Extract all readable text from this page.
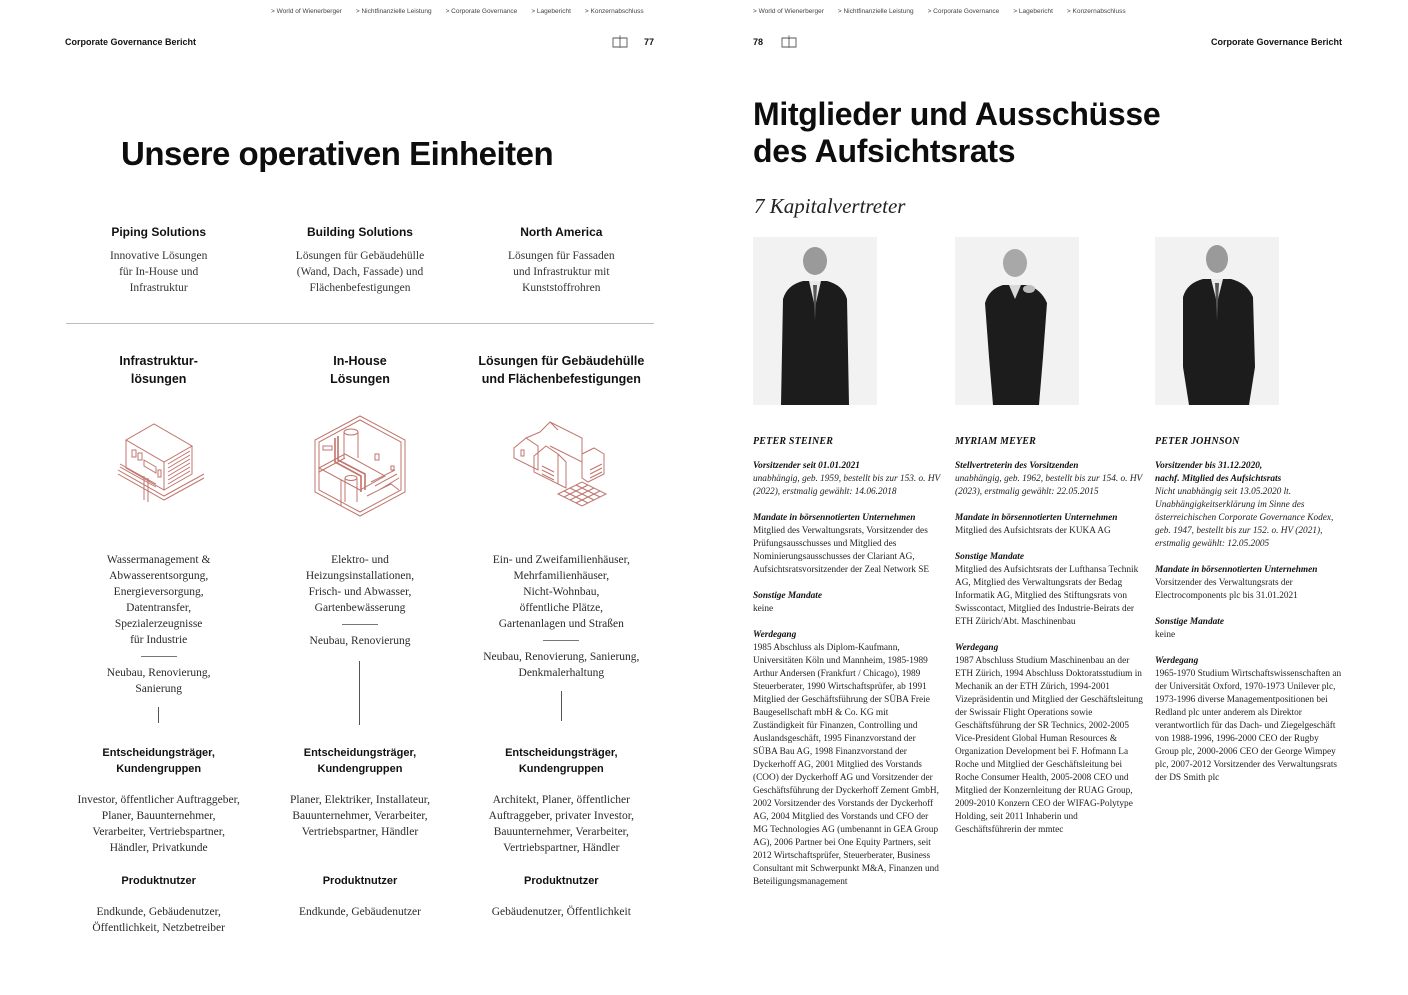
> World of Wienerberger > Nichtfinanzielle Leistung > Corporate Governance > Lagebericht > Konzernabschluss
Corporate Governance Bericht	77
Unsere operativen Einheiten
Piping Solutions
Innovative Lösungen
für In-House und
Infrastruktur
Building Solutions
Lösungen für Gebäudehülle
(Wand, Dach, Fassade) und
Flächenbefestigungen
North America
Lösungen für Fassaden
und Infrastruktur mit
Kunststoffrohren
Infrastruktur-
lösungen
In-House
Lösungen
Lösungen für Gebäudehülle
und Flächenbefestigungen
Wassermanagement &
Abwasserentsorgung,
Energieversorgung,
Datentransfer,
Spezialerzeugnisse
für Industrie
Neubau, Renovierung,
Sanierung
Elektro- und
Heizungsinstallationen,
Frisch- und Abwasser,
Gartenbewässerung
Neubau, Renovierung
Ein- und Zweifamilienhäuser,
Mehrfamilienhäuser,
Nicht-Wohnbau,
öffentliche Plätze,
Gartenanlagen und Straßen
Neubau, Renovierung, Sanierung,
Denkmalerhaltung
Entscheidungsträger,
Kundengruppen
Investor, öffentlicher Auftraggeber,
Planer, Bauunternehmer,
Verarbeiter, Vertriebspartner,
Händler, Privatkunde
Entscheidungsträger,
Kundengruppen
Planer, Elektriker, Installateur,
Bauunternehmer, Verarbeiter,
Vertriebspartner, Händler
Entscheidungsträger,
Kundengruppen
Architekt, Planer, öffentlicher
Auftraggeber, privater Investor,
Bauunternehmer, Verarbeiter,
Vertriebspartner, Händler
Produktnutzer
Endkunde, Gebäudenutzer,
Öffentlichkeit, Netzbetreiber
Produktnutzer
Endkunde, Gebäudenutzer
Produktnutzer
Gebäudenutzer, Öffentlichkeit
> World of Wienerberger > Nichtfinanzielle Leistung > Corporate Governance > Lagebericht > Konzernabschluss
78	Corporate Governance Bericht
Mitglieder und Ausschüsse
des Aufsichtsrats
7 Kapitalvertreter
PETER STEINER
Vorsitzender seit 01.01.2021
unabhängig, geb. 1959, bestellt bis zur 153. o. HV (2022), erstmalig gewählt: 14.06.2018
Mandate in börsennotierten Unternehmen
Mitglied des Verwaltungsrats, Vorsitzender des Prüfungsausschusses und Mitglied des Nominierungsausschusses der Clariant AG, Aufsichtsratsvorsitzender der Zeal Network SE
Sonstige Mandate
keine
Werdegang
1985 Abschluss als Diplom-Kaufmann, Universitäten Köln und Mannheim, 1985-1989 Arthur Andersen (Frankfurt / Chicago), 1989 Steuerberater, 1990 Wirtschaftsprüfer, ab 1991 Mitglied der Geschäftsführung der SÜBA Freie Baugesellschaft mbH & Co. KG mit Zuständigkeit für Finanzen, Controlling und Auslandsgeschäft, 1995 Finanzvorstand der SÜBA Bau AG, 1998 Finanzvorstand der Dyckerhoff AG, 2001 Mitglied des Vorstands (COO) der Dyckerhoff AG und Vorsitzender der Geschäftsführung der Dyckerhoff Zement GmbH, 2002 Vorsitzender des Vorstands der Dyckerhoff AG, 2004 Mitglied des Vorstands und CFO der MG Technologies AG (umbenannt in GEA Group AG), 2006 Partner bei One Equity Partners, seit 2012 Wirtschaftsprüfer, Steuerberater, Business Consultant mit Schwerpunkt M&A, Finanzen und Beteiligungsmanagement
MYRIAM MEYER
Stellvertreterin des Vorsitzenden
unabhängig, geb. 1962, bestellt bis zur 154. o. HV (2023), erstmalig gewählt: 22.05.2015
Mandate in börsennotierten Unternehmen
Mitglied des Aufsichtsrats der KUKA AG
Sonstige Mandate
Mitglied des Aufsichtsrats der Lufthansa Technik AG, Mitglied des Verwaltungsrats der Bedag Informatik AG, Mitglied des Stiftungsrats von Swisscontact, Mitglied des Industrie-Beirats der ETH Zürich/Abt. Maschinenbau
Werdegang
1987 Abschluss Studium Maschinenbau an der ETH Zürich, 1994 Abschluss Doktoratsstudium in Mechanik an der ETH Zürich, 1994-2001 Vizepräsidentin und Mitglied der Geschäftsleitung der Swissair Flight Operations sowie Geschäftsführung der SR Technics, 2002-2005 Vice-President Global Human Resources & Organization Development bei F. Hofmann La Roche und Mitglied der Geschäftsleitung bei Roche Consumer Health, 2005-2008 CEO und Mitglied der Konzernleitung der RUAG Group, 2009-2010 Konzern CEO der WIFAG-Polytype Holding, seit 2011 Inhaberin und Geschäftsführerin der mmtec
PETER JOHNSON
Vorsitzender bis 31.12.2020,
nachf. Mitglied des Aufsichtsrats
Nicht unabhängig seit 13.05.2020 lt. Unabhängigkeitserklärung im Sinne des österreichischen Corporate Governance Kodex, geb. 1947, bestellt bis zur 152. o. HV (2021), erstmalig gewählt: 12.05.2005
Mandate in börsennotierten Unternehmen
Vorsitzender des Verwaltungsrats der Electrocomponents plc bis 31.01.2021
Sonstige Mandate
keine
Werdegang
1965-1970 Studium Wirtschaftswissenschaften an der Universität Oxford, 1970-1973 Unilever plc, 1973-1996 diverse Managementpositionen bei Redland plc unter anderem als Direktor verantwortlich für das Dach- und Ziegelgeschäft von 1988-1996, 1996-2000 CEO der Rugby Group plc, 2000-2006 CEO der George Wimpey plc, 2007-2012 Vorsitzender des Verwaltungsrats der DS Smith plc
